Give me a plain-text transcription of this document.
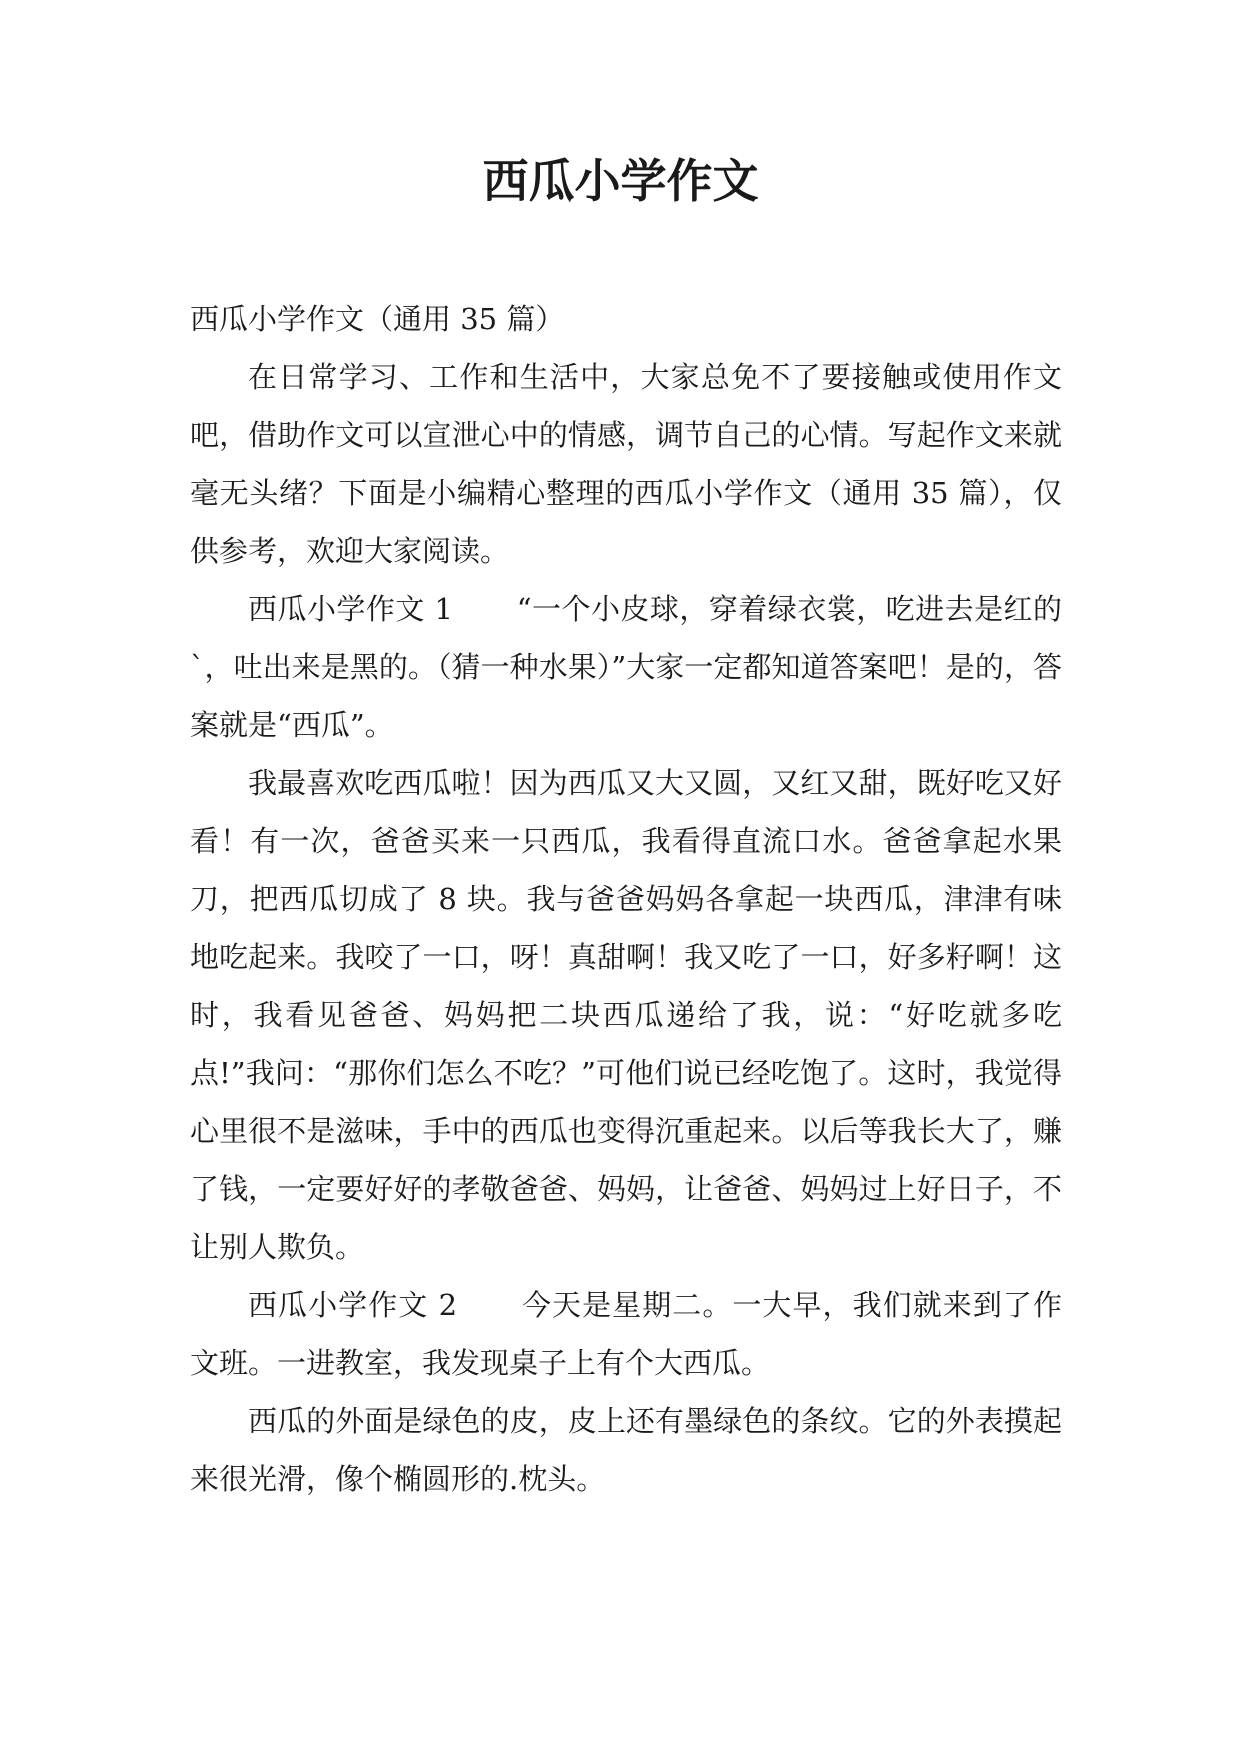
西瓜小学作文

西瓜小学作文（通用 35 篇）

在日常学习、工作和生活中，大家总免不了要接触或使用作文吧，借助作文可以宣泄心中的情感，调节自己的心情。写起作文来就毫无头绪？下面是小编精心整理的西瓜小学作文（通用 35 篇），仅供参考，欢迎大家阅读。

西瓜小学作文 1 “一个小皮球，穿着绿衣裳，吃进去是红的`，吐出来是黑的。（猜一种水果）”大家一定都知道答案吧！是的，答案就是“西瓜”。

我最喜欢吃西瓜啦！因为西瓜又大又圆，又红又甜，既好吃又好看！有一次，爸爸买来一只西瓜，我看得直流口水。爸爸拿起水果刀，把西瓜切成了 8 块。我与爸爸妈妈各拿起一块西瓜，津津有味地吃起来。我咬了一口，呀！真甜啊！我又吃了一口，好多籽啊！这时，我看见爸爸、妈妈把二块西瓜递给了我，说：“好吃就多吃点!”我问：“那你们怎么不吃？”可他们说已经吃饱了。这时，我觉得心里很不是滋味，手中的西瓜也变得沉重起来。以后等我长大了，赚了钱，一定要好好的孝敬爸爸、妈妈，让爸爸、妈妈过上好日子，不让别人欺负。

西瓜小学作文 2 今天是星期二。一大早，我们就来到了作文班。一进教室，我发现桌子上有个大西瓜。

西瓜的外面是绿色的皮，皮上还有墨绿色的条纹。它的外表摸起来很光滑，像个椭圆形的.枕头。
